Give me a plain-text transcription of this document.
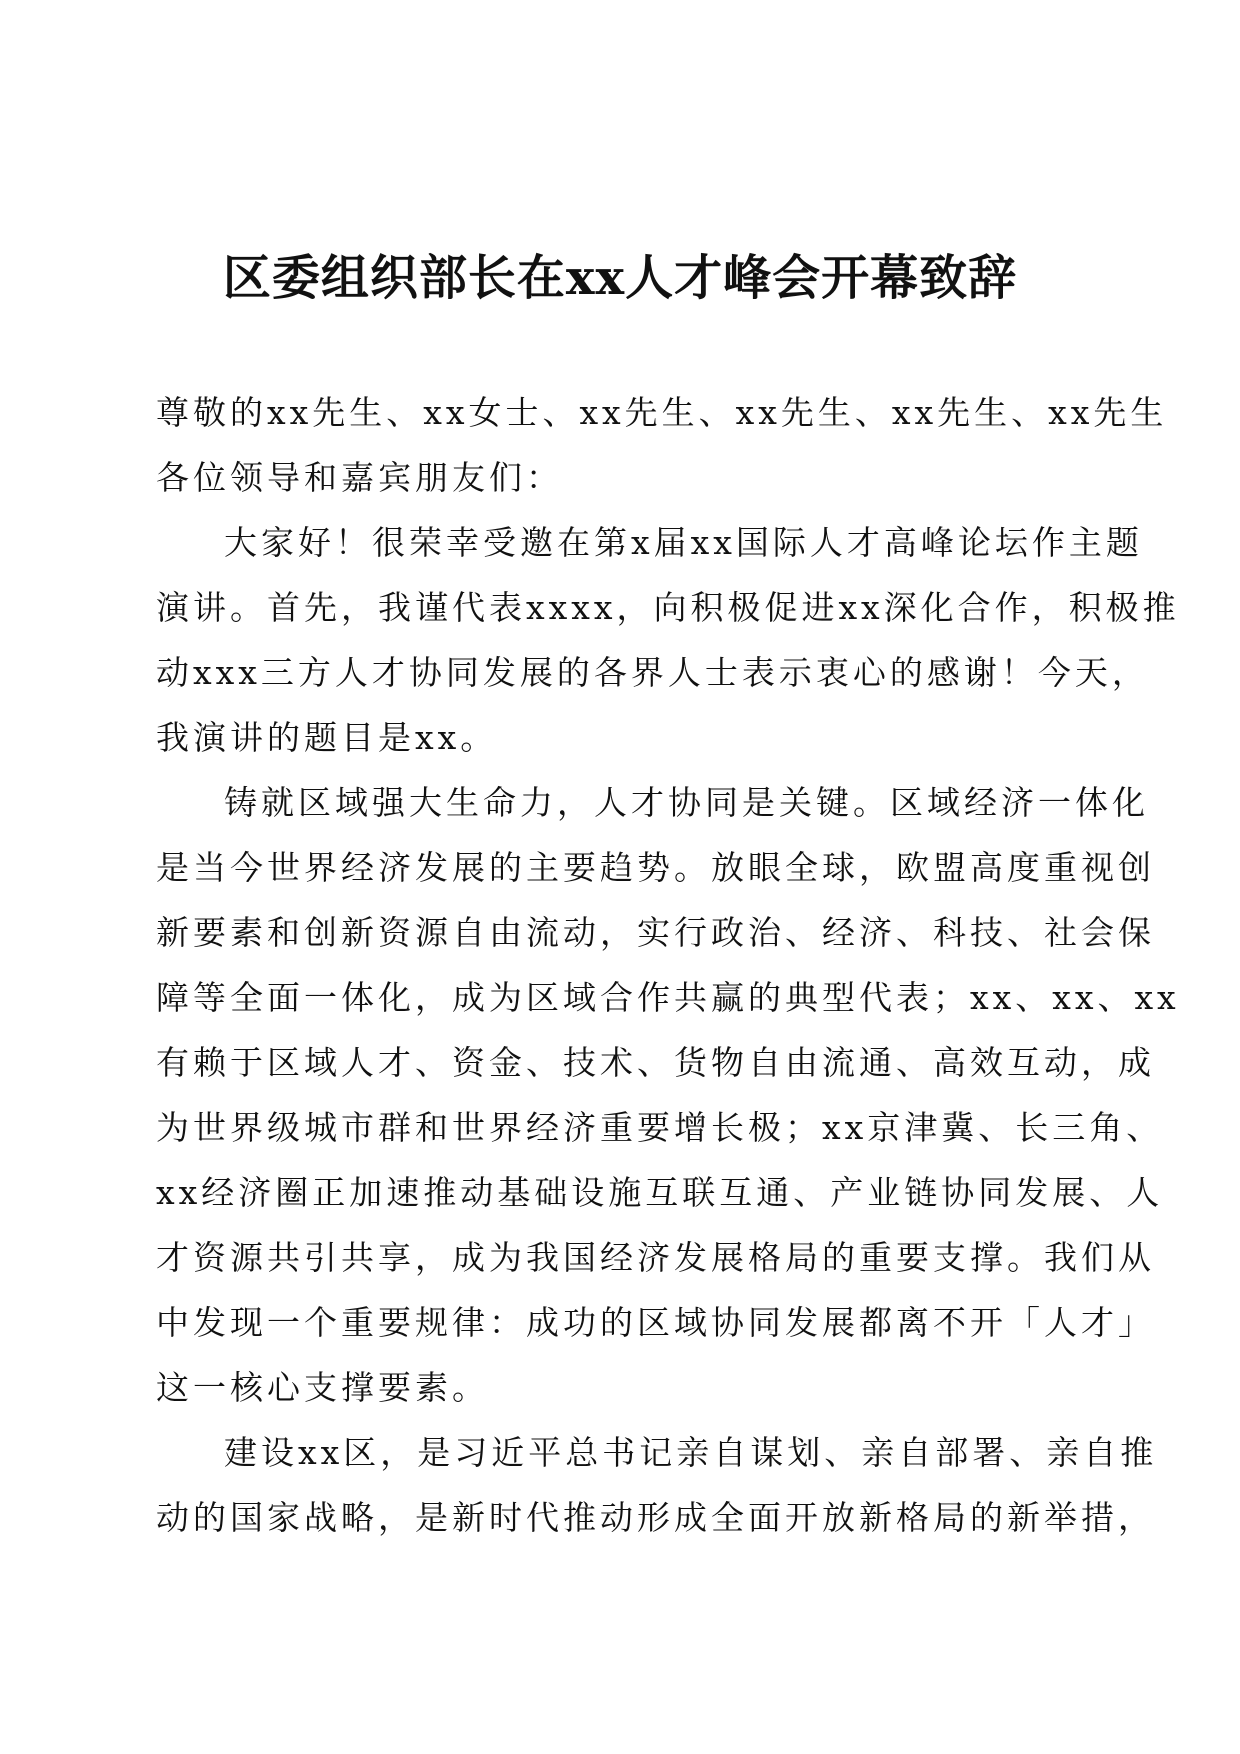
区委组织部长在xx人才峰会开幕致辞

尊敬的xx先生、xx女士、xx先生、xx先生、xx先生、xx先生

各位领导和嘉宾朋友们：

大家好！很荣幸受邀在第x届xx国际人才高峰论坛作主题

演讲。首先，我谨代表xxxx，向积极促进xx深化合作，积极推

动xxx三方人才协同发展的各界人士表示衷心的感谢！今天，

我演讲的题目是xx。

铸就区域强大生命力，人才协同是关键。区域经济一体化

是当今世界经济发展的主要趋势。放眼全球，欧盟高度重视创

新要素和创新资源自由流动，实行政治、经济、科技、社会保

障等全面一体化，成为区域合作共赢的典型代表；xx、xx、xx

有赖于区域人才、资金、技术、货物自由流通、高效互动，成

为世界级城市群和世界经济重要增长极；xx京津冀、长三角、

xx经济圈正加速推动基础设施互联互通、产业链协同发展、人

才资源共引共享，成为我国经济发展格局的重要支撑。我们从

中发现一个重要规律：成功的区域协同发展都离不开「人才」

这一核心支撑要素。

建设xx区，是习近平总书记亲自谋划、亲自部署、亲自推

动的国家战略，是新时代推动形成全面开放新格局的新举措，
